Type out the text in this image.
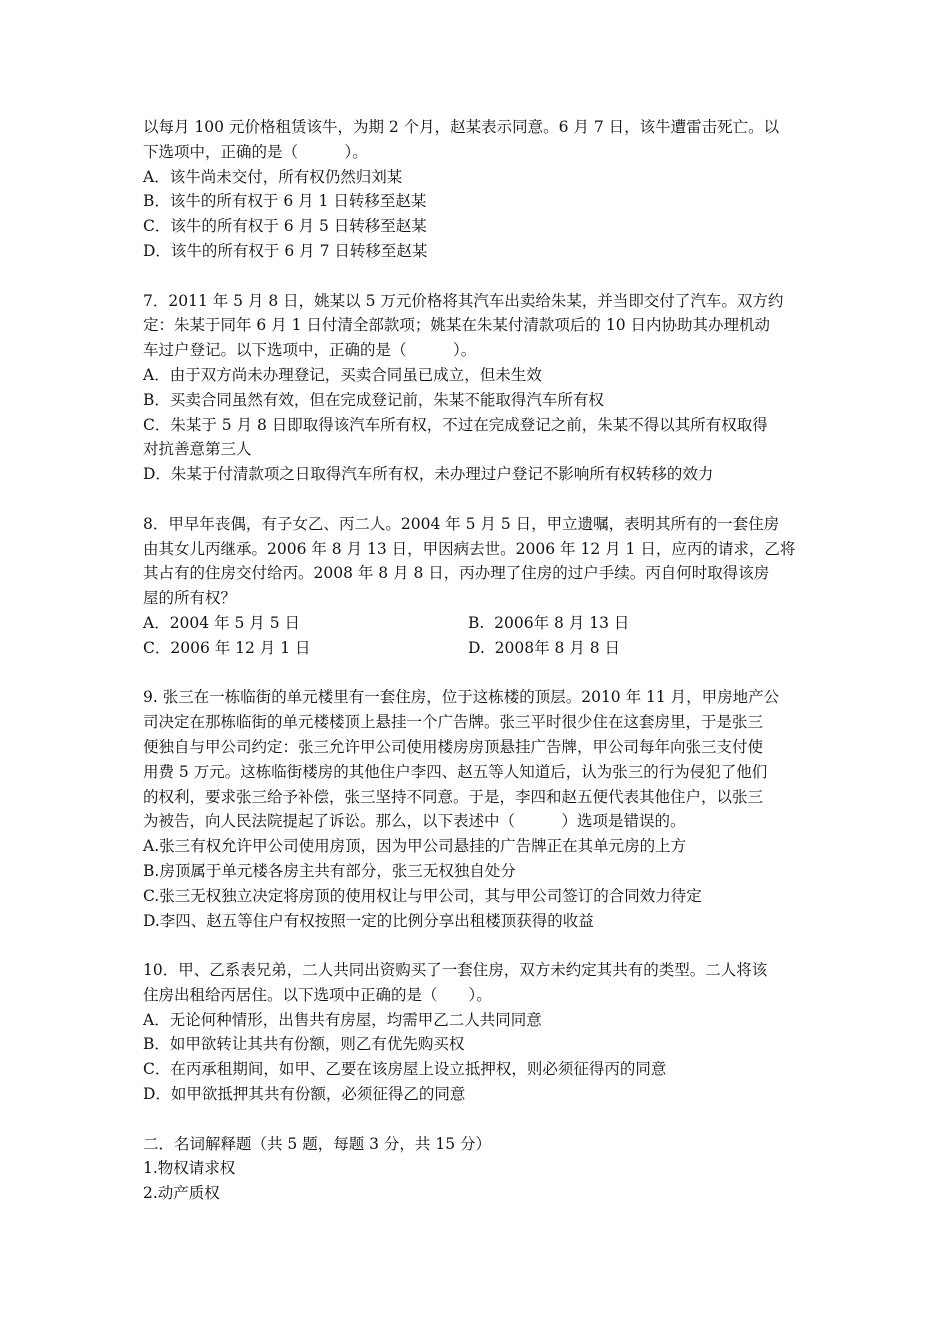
以每月 100 元价格租赁该牛，为期 2 个月，赵某表示同意。6 月 7 日，该牛遭雷击死亡。以
下选项中，正确的是（　　　）。
A．该牛尚未交付，所有权仍然归刘某
B．该牛的所有权于 6 月 1 日转移至赵某
C．该牛的所有权于 6 月 5 日转移至赵某
D．该牛的所有权于 6 月 7 日转移至赵某
7．2011 年 5 月 8 日，姚某以 5 万元价格将其汽车出卖给朱某，并当即交付了汽车。双方约
定：朱某于同年 6 月 1 日付清全部款项；姚某在朱某付清款项后的 10 日内协助其办理机动
车过户登记。以下选项中，正确的是（　　　）。
A．由于双方尚未办理登记，买卖合同虽已成立，但未生效
B．买卖合同虽然有效，但在完成登记前，朱某不能取得汽车所有权
C．朱某于 5 月 8 日即取得该汽车所有权，不过在完成登记之前，朱某不得以其所有权取得
对抗善意第三人
D．朱某于付清款项之日取得汽车所有权，未办理过户登记不影响所有权转移的效力
8．甲早年丧偶，有子女乙、丙二人。2004 年 5 月 5 日，甲立遗嘱，表明其所有的一套住房
由其女儿丙继承。2006 年 8 月 13 日，甲因病去世。2006 年 12 月 1 日，应丙的请求，乙将
其占有的住房交付给丙。2008 年 8 月 8 日，丙办理了住房的过户手续。丙自何时取得该房
屋的所有权？
A．2004 年 5 月 5 日	B.  2006年 8 月 13 日
C．2006 年 12 月 1 日	D.  2008年 8 月 8 日
9. 张三在一栋临街的单元楼里有一套住房，位于这栋楼的顶层。2010 年 11 月，甲房地产公
司决定在那栋临街的单元楼楼顶上悬挂一个广告牌。张三平时很少住在这套房里，于是张三
便独自与甲公司约定：张三允许甲公司使用楼房房顶悬挂广告牌，甲公司每年向张三支付使
用费 5 万元。这栋临街楼房的其他住户李四、赵五等人知道后，认为张三的行为侵犯了他们
的权利，要求张三给予补偿，张三坚持不同意。于是，李四和赵五便代表其他住户，以张三
为被告，向人民法院提起了诉讼。那么，以下表述中（　　　）选项是错误的。
A.张三有权允许甲公司使用房顶，因为甲公司悬挂的广告牌正在其单元房的上方
B.房顶属于单元楼各房主共有部分，张三无权独自处分
C.张三无权独立决定将房顶的使用权让与甲公司，其与甲公司签订的合同效力待定
D.李四、赵五等住户有权按照一定的比例分享出租楼顶获得的收益
10．甲、乙系表兄弟，二人共同出资购买了一套住房，双方未约定其共有的类型。二人将该
住房出租给丙居住。以下选项中正确的是（　　）。
A．无论何种情形，出售共有房屋，均需甲乙二人共同同意
B．如甲欲转让其共有份额，则乙有优先购买权
C．在丙承租期间，如甲、乙要在该房屋上设立抵押权，则必须征得丙的同意
D．如甲欲抵押其共有份额，必须征得乙的同意
二．名词解释题（共 5 题，每题 3 分，共 15 分）
1.物权请求权
2.动产质权
